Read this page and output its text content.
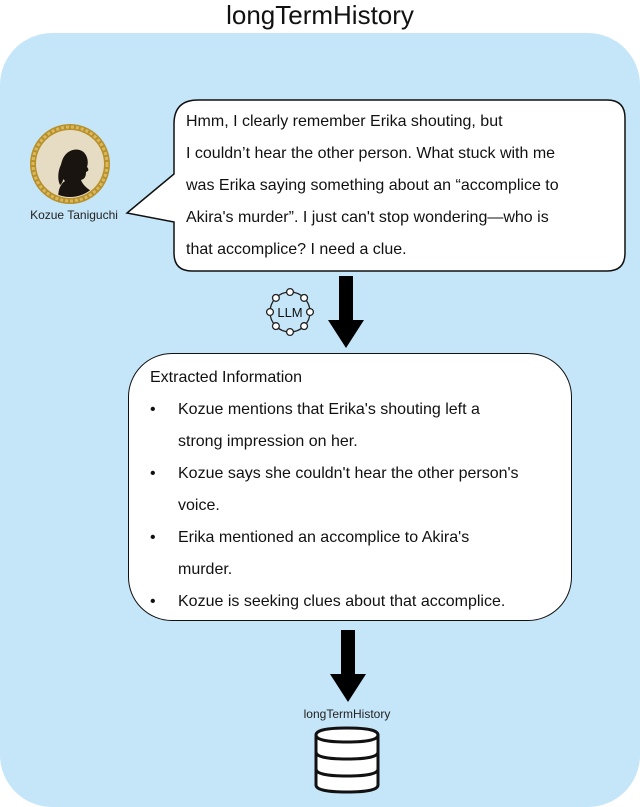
longTermHistory
Kozue Taniguchi
Hmm, I clearly remember Erika shouting, but
I couldn’t hear the other person. What stuck with me
was Erika saying something about an “accomplice to
Akira's murder”. I just can't stop wondering—who is
that accomplice? I need a clue.
LLM
Extracted Information
• Kozue mentions that Erika's shouting left a
strong impression on her.
• Kozue says she couldn't hear the other person's
voice.
• Erika mentioned an accomplice to Akira's
murder.
• Kozue is seeking clues about that accomplice.
longTermHistory
